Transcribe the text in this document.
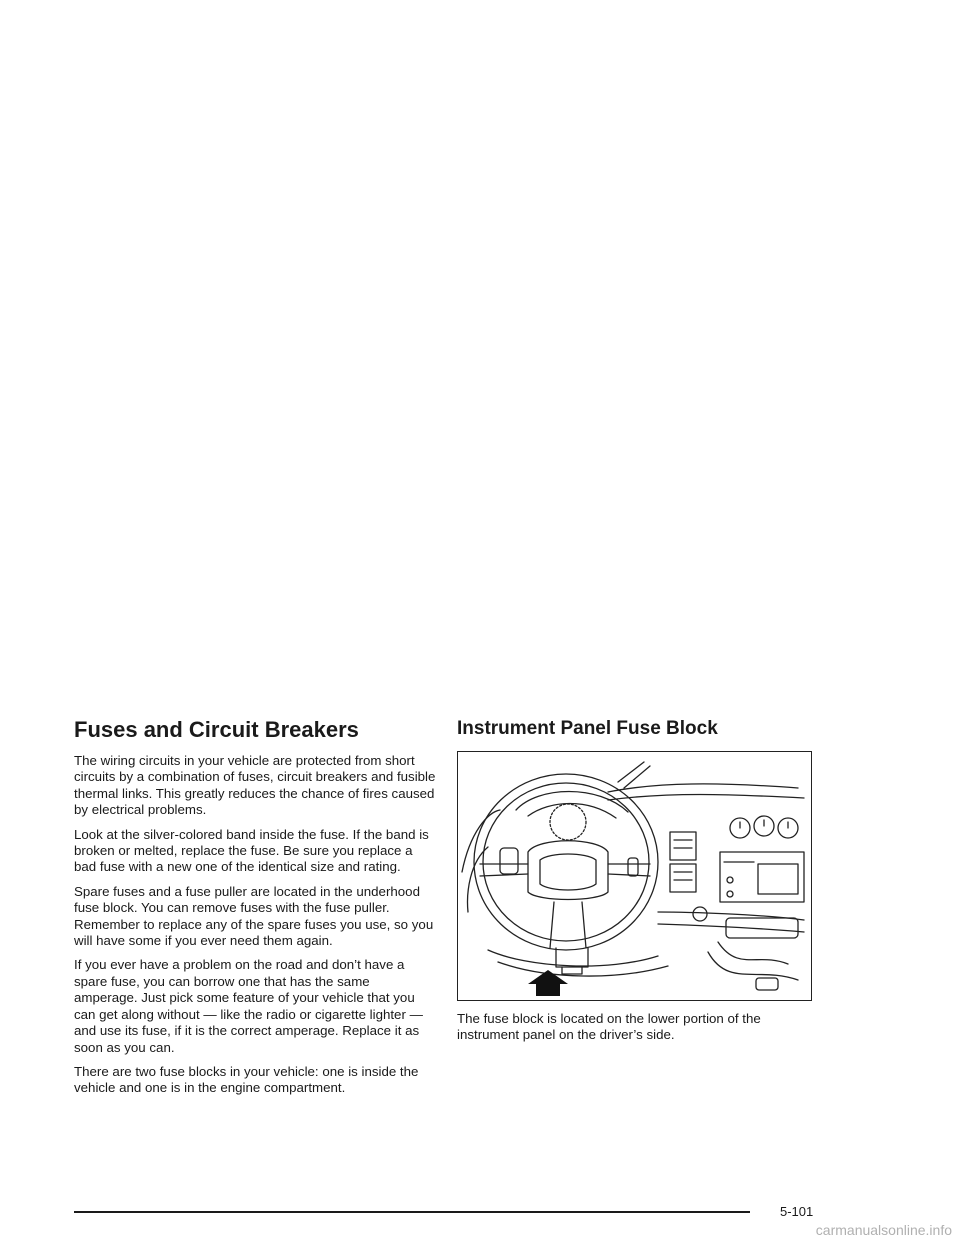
Fuses and Circuit Breakers

The wiring circuits in your vehicle are protected from short circuits by a combination of fuses, circuit breakers and fusible thermal links. This greatly reduces the chance of fires caused by electrical problems.

Look at the silver-colored band inside the fuse. If the band is broken or melted, replace the fuse. Be sure you replace a bad fuse with a new one of the identical size and rating.

Spare fuses and a fuse puller are located in the underhood fuse block. You can remove fuses with the fuse puller. Remember to replace any of the spare fuses you use, so you will have some if you ever need them again.

If you ever have a problem on the road and don’t have a spare fuse, you can borrow one that has the same amperage. Just pick some feature of your vehicle that you can get along without — like the radio or cigarette lighter — and use its fuse, if it is the correct amperage. Replace it as soon as you can.

There are two fuse blocks in your vehicle: one is inside the vehicle and one is in the engine compartment.

Instrument Panel Fuse Block

The fuse block is located on the lower portion of the instrument panel on the driver’s side.

5-101
carmanualsonline.info
